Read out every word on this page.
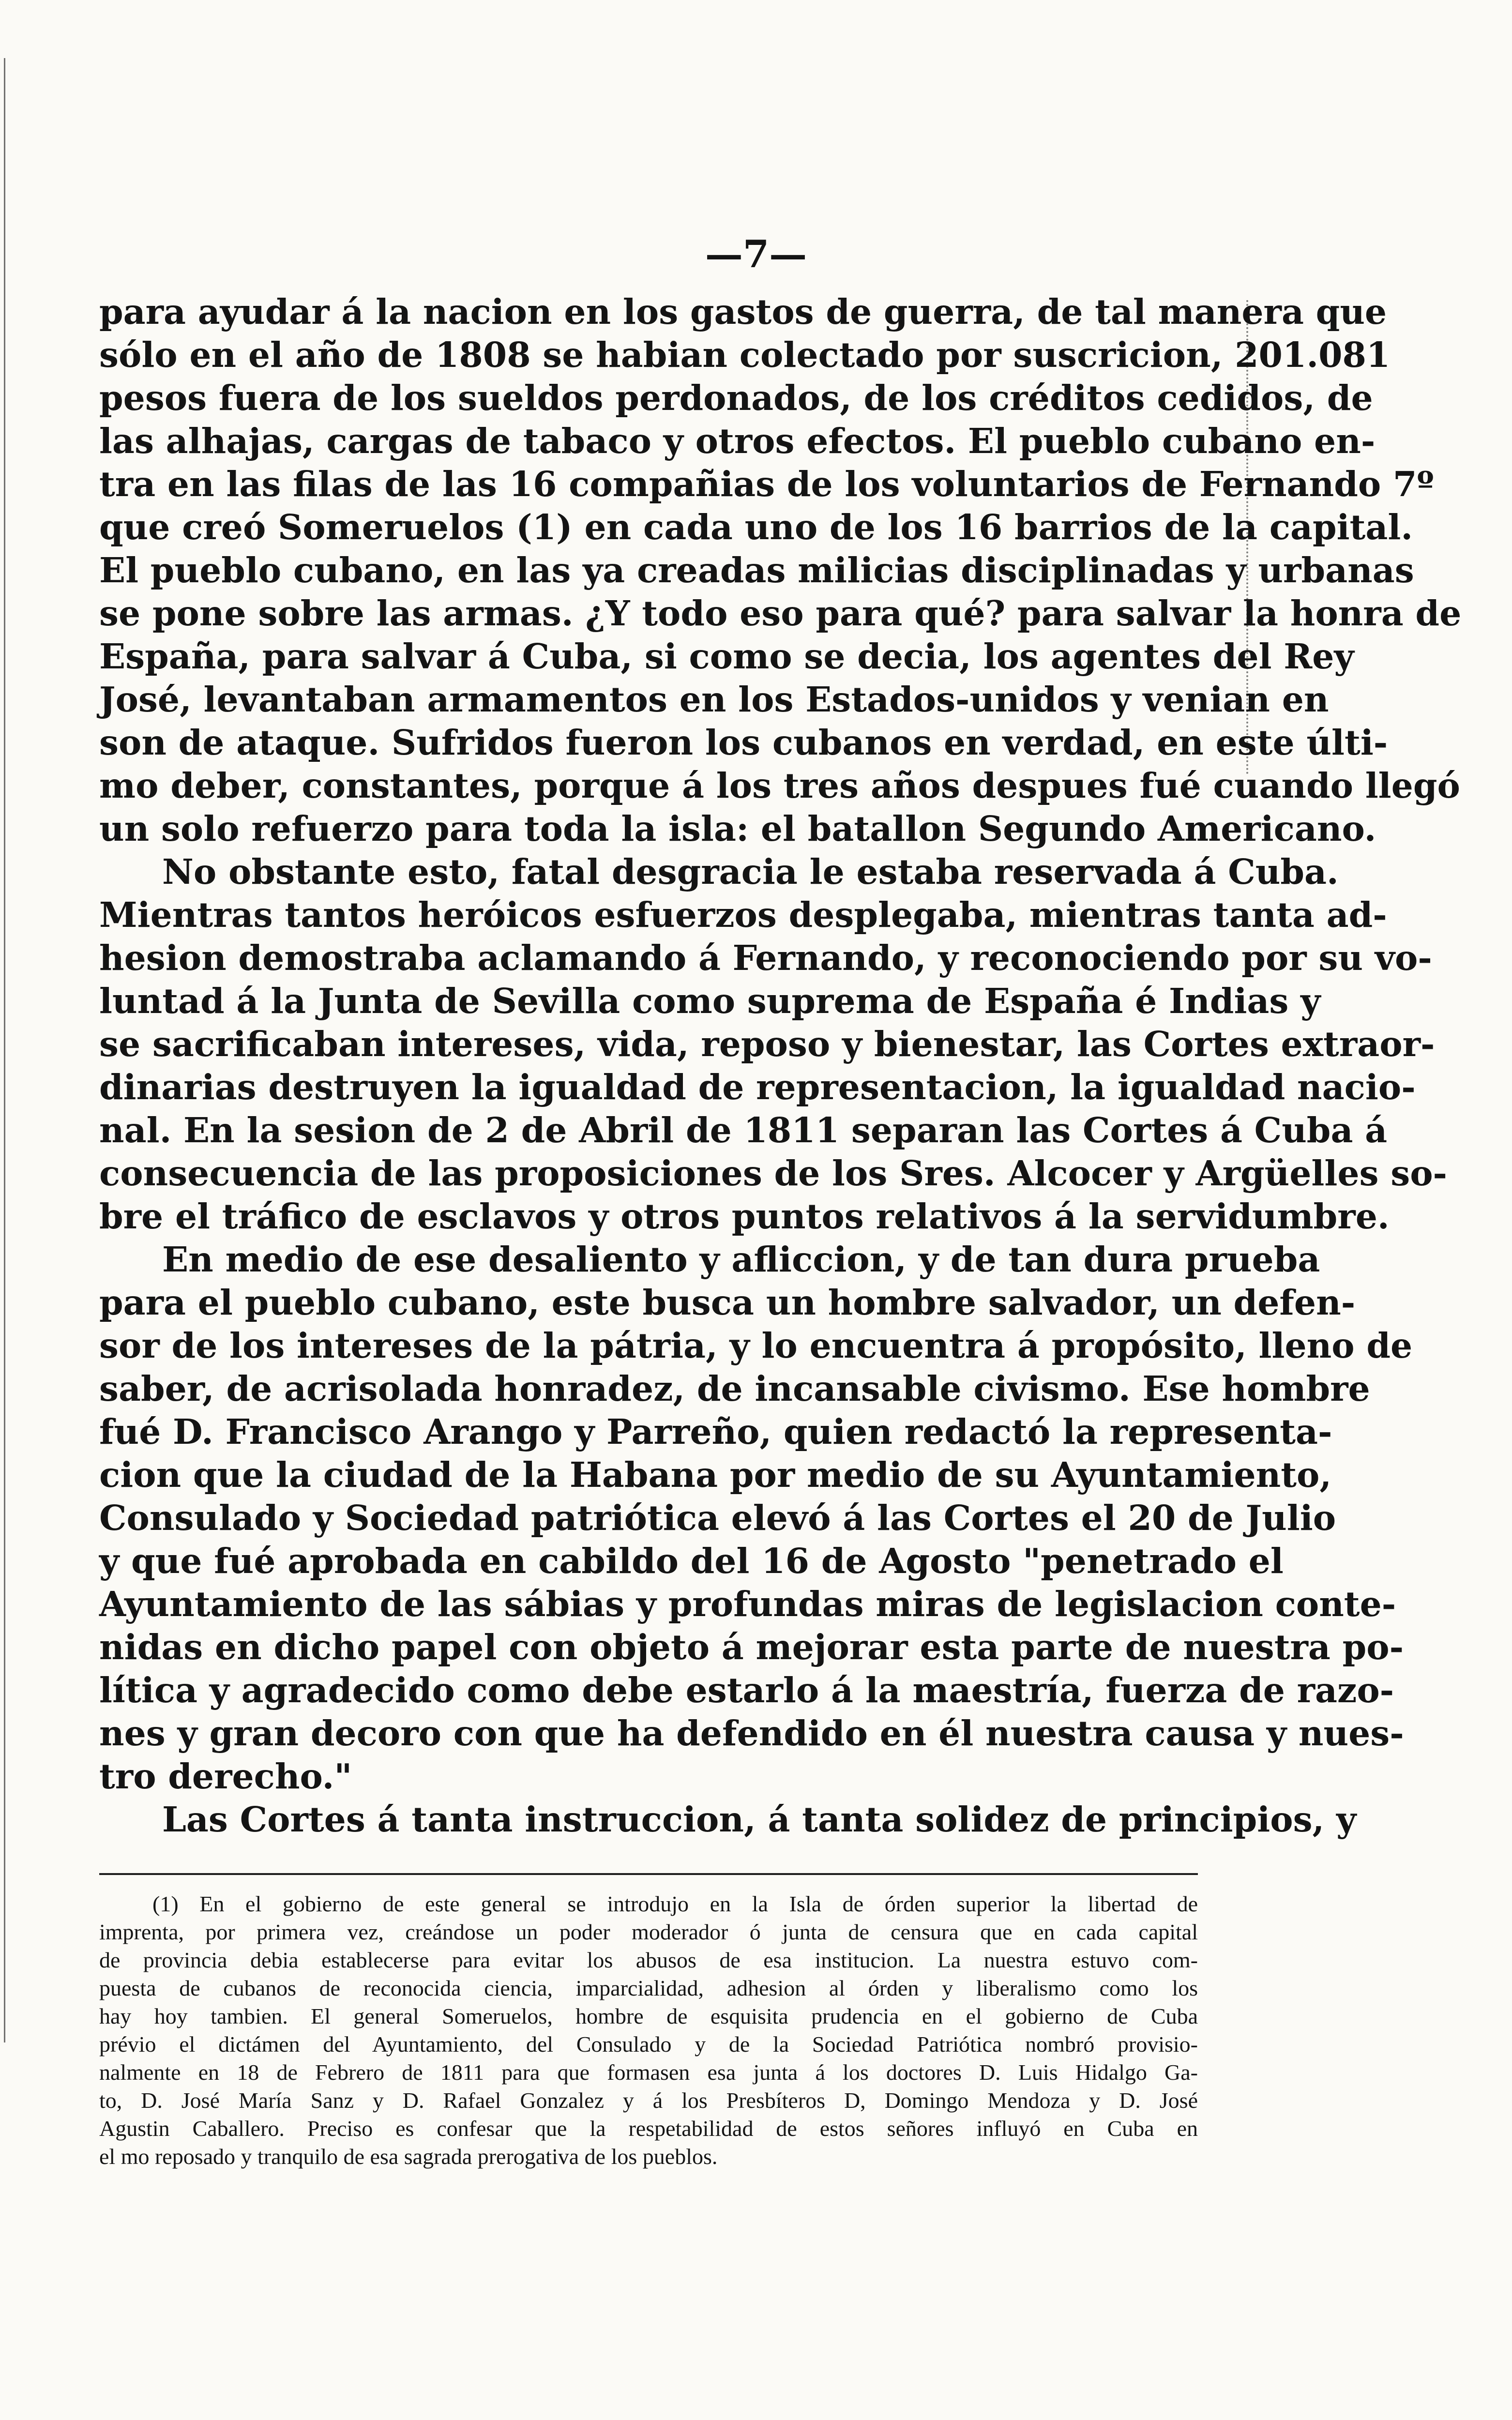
—7—
para ayudar á la nacion en los gastos de guerra, de tal manera que
sólo en el año de 1808 se habian colectado por suscricion, 201.081
pesos fuera de los sueldos perdonados, de los créditos cedidos, de
las alhajas, cargas de tabaco y otros efectos. El pueblo cubano en-
tra en las filas de las 16 compañias de los voluntarios de Fernando 7º
que creó Someruelos (1) en cada uno de los 16 barrios de la capital.
El pueblo cubano, en las ya creadas milicias disciplinadas y urbanas
se pone sobre las armas. ¿Y todo eso para qué? para salvar la honra de
España, para salvar á Cuba, si como se decia, los agentes del Rey
José, levantaban armamentos en los Estados-unidos y venian en
son de ataque. Sufridos fueron los cubanos en verdad, en este últi-
mo deber, constantes, porque á los tres años despues fué cuando llegó
un solo refuerzo para toda la isla: el batallon Segundo Americano.
No obstante esto, fatal desgracia le estaba reservada á Cuba.
Mientras tantos heróicos esfuerzos desplegaba, mientras tanta ad-
hesion demostraba aclamando á Fernando, y reconociendo por su vo-
luntad á la Junta de Sevilla como suprema de España é Indias y
se sacrificaban intereses, vida, reposo y bienestar, las Cortes extraor-
dinarias destruyen la igualdad de representacion, la igualdad nacio-
nal. En la sesion de 2 de Abril de 1811 separan las Cortes á Cuba á
consecuencia de las proposiciones de los Sres. Alcocer y Argüelles so-
bre el tráfico de esclavos y otros puntos relativos á la servidumbre.
En medio de ese desaliento y afliccion, y de tan dura prueba
para el pueblo cubano, este busca un hombre salvador, un defen-
sor de los intereses de la pátria, y lo encuentra á propósito, lleno de
saber, de acrisolada honradez, de incansable civismo. Ese hombre
fué D. Francisco Arango y Parreño, quien redactó la representa-
cion que la ciudad de la Habana por medio de su Ayuntamiento,
Consulado y Sociedad patriótica elevó á las Cortes el 20 de Julio
y que fué aprobada en cabildo del 16 de Agosto "penetrado el
Ayuntamiento de las sábias y profundas miras de legislacion conte-
nidas en dicho papel con objeto á mejorar esta parte de nuestra po-
lítica y agradecido como debe estarlo á la maestría, fuerza de razo-
nes y gran decoro con que ha defendido en él nuestra causa y nues-
tro derecho."
Las Cortes á tanta instruccion, á tanta solidez de principios, y
(1) En el gobierno de este general se introdujo en la Isla de órden superior la libertad de
imprenta, por primera vez, creándose un poder moderador ó junta de censura que en cada capital
de provincia debia establecerse para evitar los abusos de esa institucion. La nuestra estuvo com-
puesta de cubanos de reconocida ciencia, imparcialidad, adhesion al órden y liberalismo como los
hay hoy tambien. El general Someruelos, hombre de esquisita prudencia en el gobierno de Cuba
prévio el dictámen del Ayuntamiento, del Consulado y de la Sociedad Patriótica nombró provisio-
nalmente en 18 de Febrero de 1811 para que formasen esa junta á los doctores D. Luis Hidalgo Ga-
to, D. José María Sanz y D. Rafael Gonzalez y á los Presbíteros D, Domingo Mendoza y D. José
Agustin Caballero. Preciso es confesar que la respetabilidad de estos señores influyó en Cuba en
el mo reposado y tranquilo de esa sagrada prerogativa de los pueblos.
